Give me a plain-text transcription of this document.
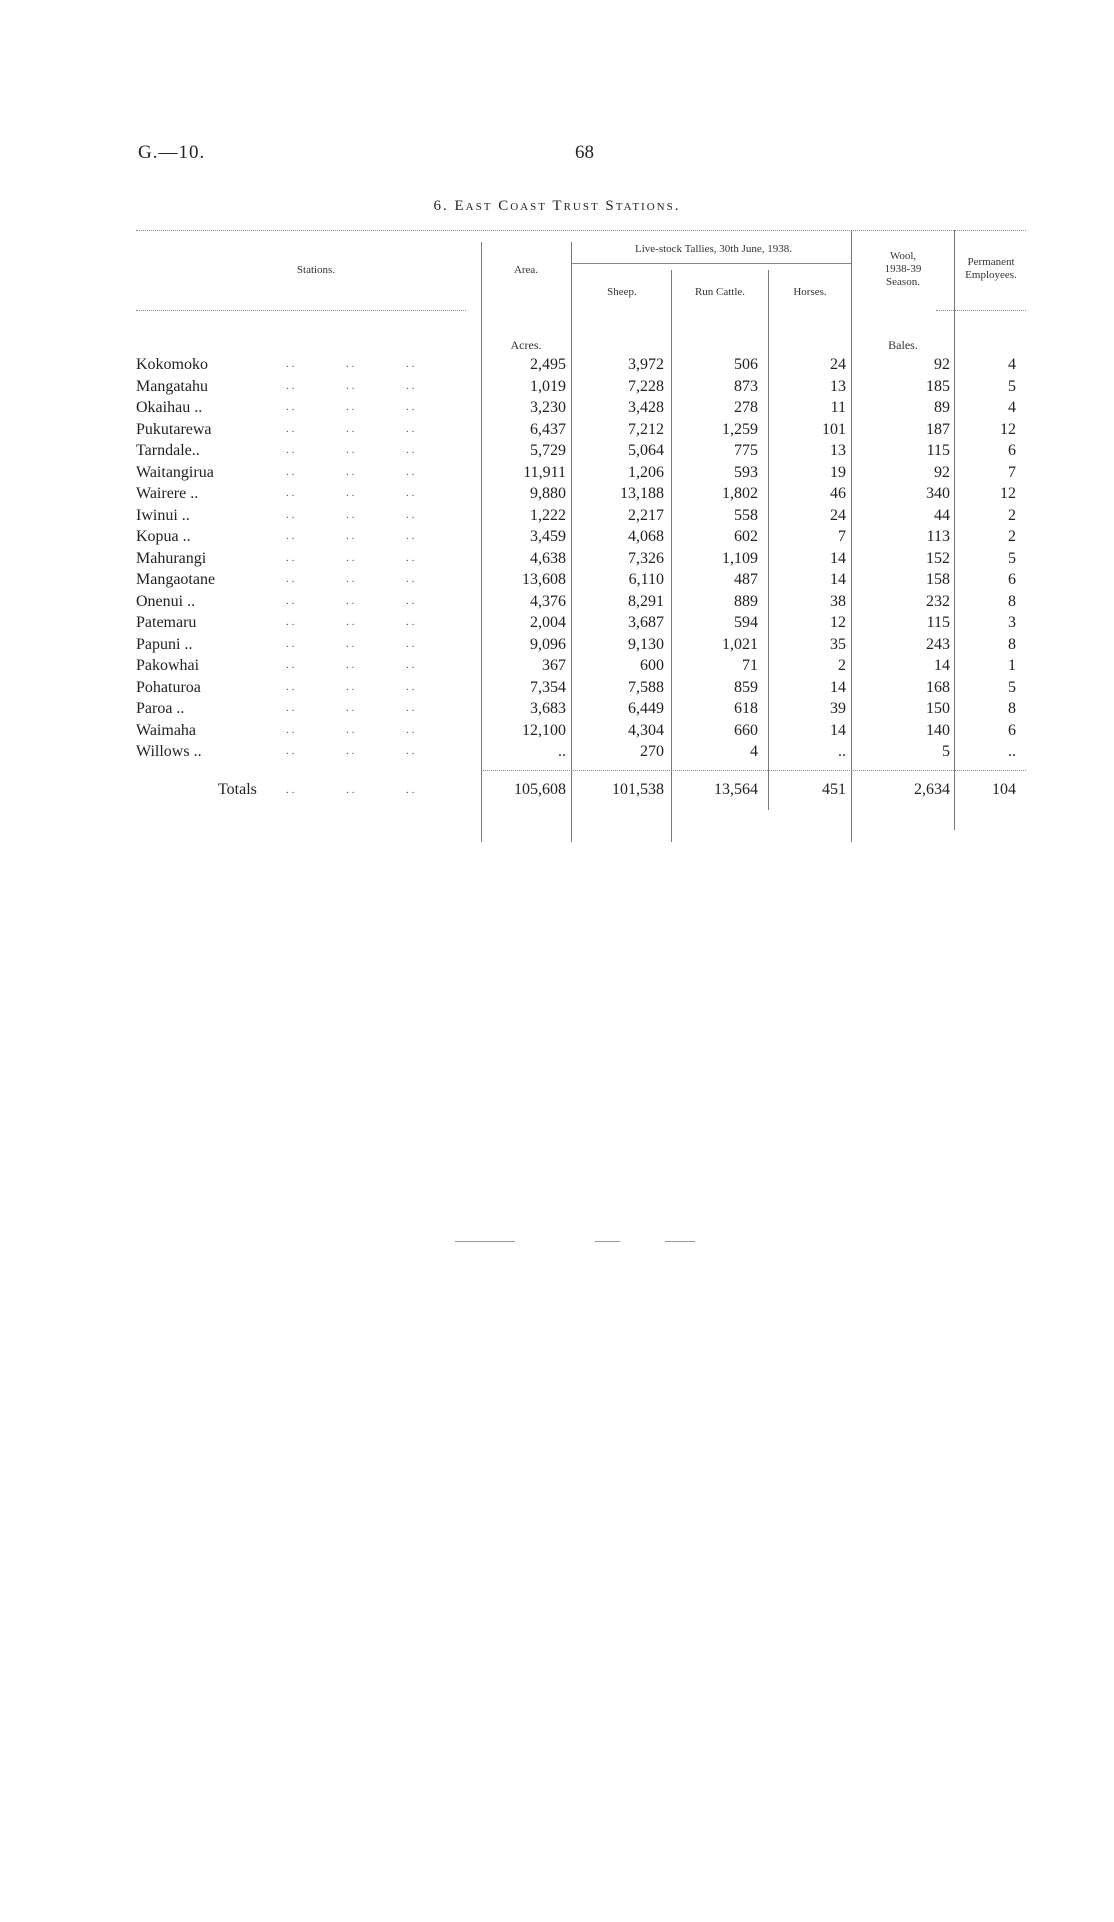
G.—10.	68
6. East Coast Trust Stations.
Stations.	Area.
Live-stock Tallies, 30th June, 1938.
Sheep.	Run Cattle.	Horses.
Wool,
1938-39
Season.
Permanent
Employees.
Acres.	Bales.
Kokomoko	..	..	..	2,495	3,972	506	24	92	4
Mangatahu	..	..	..	1,019	7,228	873	13	185	5
Okaihau ..	..	..	..	3,230	3,428	278	11	89	4
Pukutarewa	..	..	..	6,437	7,212	1,259	101	187	12
Tarndale..	..	..	..	5,729	5,064	775	13	115	6
Waitangirua	..	..	..	11,911	1,206	593	19	92	7
Wairere ..	..	..	..	9,880	13,188	1,802	46	340	12
Iwinui ..	..	..	..	1,222	2,217	558	24	44	2
Kopua ..	..	..	..	3,459	4,068	602	7	113	2
Mahurangi	..	..	..	4,638	7,326	1,109	14	152	5
Mangaotane	..	..	..	13,608	6,110	487	14	158	6
Onenui ..	..	..	..	4,376	8,291	889	38	232	8
Patemaru	..	..	..	2,004	3,687	594	12	115	3
Papuni ..	..	..	..	9,096	9,130	1,021	35	243	8
Pakowhai	..	..	..	367	600	71	2	14	1
Pohaturoa	..	..	..	7,354	7,588	859	14	168	5
Paroa ..	..	..	..	3,683	6,449	618	39	150	8
Waimaha	..	..	..	12,100	4,304	660	14	140	6
Willows ..	..	..	..	..	270	4	..	5	..
Totals	..	..	..	105,608	101,538	13,564	451	2,634	104
